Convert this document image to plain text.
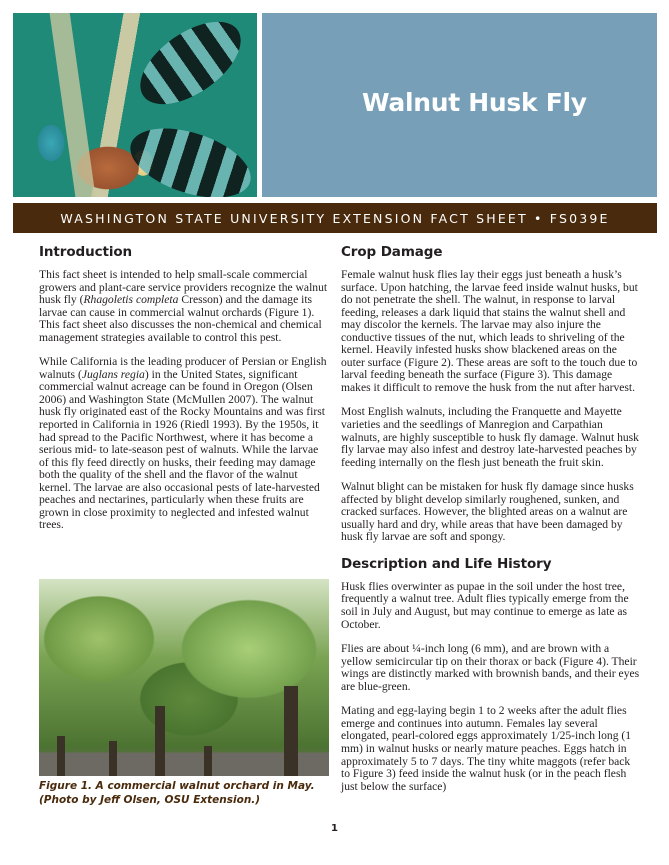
Walnut Husk Fly
WASHINGTON STATE UNIVERSITY EXTENSION FACT SHEET • FS039E
Introduction

This fact sheet is intended to help small-scale commercial growers and plant-care service providers recognize the walnut husk fly (Rhagoletis completa Cresson) and the damage its larvae can cause in commercial walnut orchards (Figure 1). This fact sheet also discusses the non-chemical and chemical management strategies available to control this pest.

While California is the leading producer of Persian or English walnuts (Juglans regia) in the United States, significant commercial walnut acreage can be found in Oregon (Olsen 2006) and Washington State (McMullen 2007). The walnut husk fly originated east of the Rocky Mountains and was first reported in California in 1926 (Riedl 1993). By the 1950s, it had spread to the Pacific Northwest, where it has become a serious mid- to late-season pest of walnuts. While the larvae of this fly feed directly on husks, their feeding may damage both the quality of the shell and the flavor of the walnut kernel. The larvae are also occasional pests of late-harvested peaches and nectarines, particularly when these fruits are grown in close proximity to neglected and infested walnut trees.

Figure 1. A commercial walnut orchard in May. (Photo by Jeff Olsen, OSU Extension.)
Crop Damage

Female walnut husk flies lay their eggs just beneath a husk’s surface. Upon hatching, the larvae feed inside walnut husks, but do not penetrate the shell. The walnut, in response to larval feeding, releases a dark liquid that stains the walnut shell and may discolor the kernels. The larvae may also injure the conductive tissues of the nut, which leads to shriveling of the kernel. Heavily infested husks show blackened areas on the outer surface (Figure 2). These areas are soft to the touch due to larval feeding beneath the surface (Figure 3). This damage makes it difficult to remove the husk from the nut after harvest.

Most English walnuts, including the Franquette and Mayette varieties and the seedlings of Manregion and Carpathian walnuts, are highly susceptible to husk fly damage. Walnut husk fly larvae may also infest and destroy late-harvested peaches by feeding internally on the flesh just beneath the fruit skin.

Walnut blight can be mistaken for husk fly damage since husks affected by blight develop similarly roughened, sunken, and cracked surfaces. However, the blighted areas on a walnut are usually hard and dry, while areas that have been damaged by husk fly larvae are soft and spongy.

Description and Life History

Husk flies overwinter as pupae in the soil under the host tree, frequently a walnut tree. Adult flies typically emerge from the soil in July and August, but may continue to emerge as late as October.

Flies are about ¼-inch long (6 mm), and are brown with a yellow semicircular tip on their thorax or back (Figure 4). Their wings are distinctly marked with brownish bands, and their eyes are blue-green.

Mating and egg-laying begin 1 to 2 weeks after the adult flies emerge and continues into autumn. Females lay several elongated, pearl-colored eggs approximately 1/25-inch long (1 mm) in walnut husks or nearly mature peaches. Eggs hatch in approximately 5 to 7 days. The tiny white maggots (refer back to Figure 3) feed inside the walnut husk (or in the peach flesh just below the surface)

1
